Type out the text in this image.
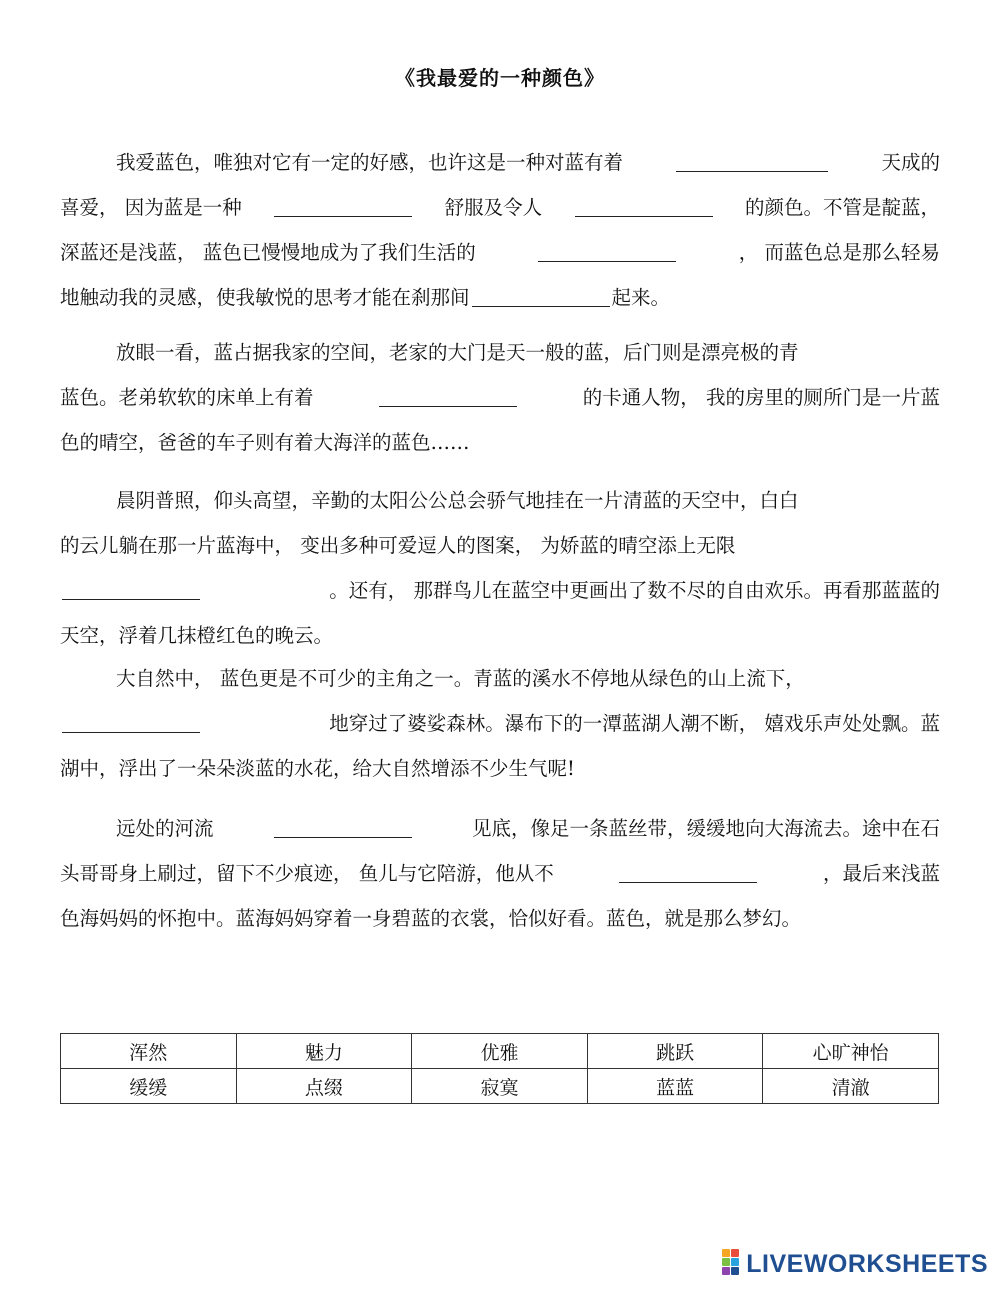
《我最爱的一种颜色》
我爱蓝色，唯独对它有一定的好感，也许这是一种对蓝有着	天成的
喜爱， 因为蓝是一种	舒服及令人	的颜色。不管是靛蓝，
深蓝还是浅蓝， 蓝色已慢慢地成为了我们生活的	， 而蓝色总是那么轻易
地触动我的灵感，使我敏悦的思考才能在刹那间	起来。
放眼一看，蓝占据我家的空间，老家的大门是天一般的蓝，后门则是漂亮极的青
蓝色。老弟软软的床单上有着	的卡通人物， 我的房里的厕所门是一片蓝
色的晴空，爸爸的车子则有着大海洋的蓝色……
晨阴普照，仰头高望，辛勤的太阳公公总会骄气地挂在一片清蓝的天空中，白白
的云儿躺在那一片蓝海中， 变出多种可爱逗人的图案， 为娇蓝的晴空添上无限
。还有， 那群鸟儿在蓝空中更画出了数不尽的自由欢乐。再看那蓝蓝的
天空，浮着几抹橙红色的晚云。
大自然中， 蓝色更是不可少的主角之一。青蓝的溪水不停地从绿色的山上流下，
地穿过了婆娑森林。瀑布下的一潭蓝湖人潮不断， 嬉戏乐声处处飘。蓝
湖中，浮出了一朵朵淡蓝的水花，给大自然增添不少生气呢!
远处的河流	见底，像足一条蓝丝带，缓缓地向大海流去。途中在石
头哥哥身上刷过，留下不少痕迹， 鱼儿与它陪游，他从不	，最后来浅蓝
色海妈妈的怀抱中。蓝海妈妈穿着一身碧蓝的衣裳，恰似好看。蓝色，就是那么梦幻。
浑然	魅力	优雅	跳跃	心旷神怡
缓缓	点缀	寂寞	蓝蓝	清澈
LIVEWORKSHEETS
